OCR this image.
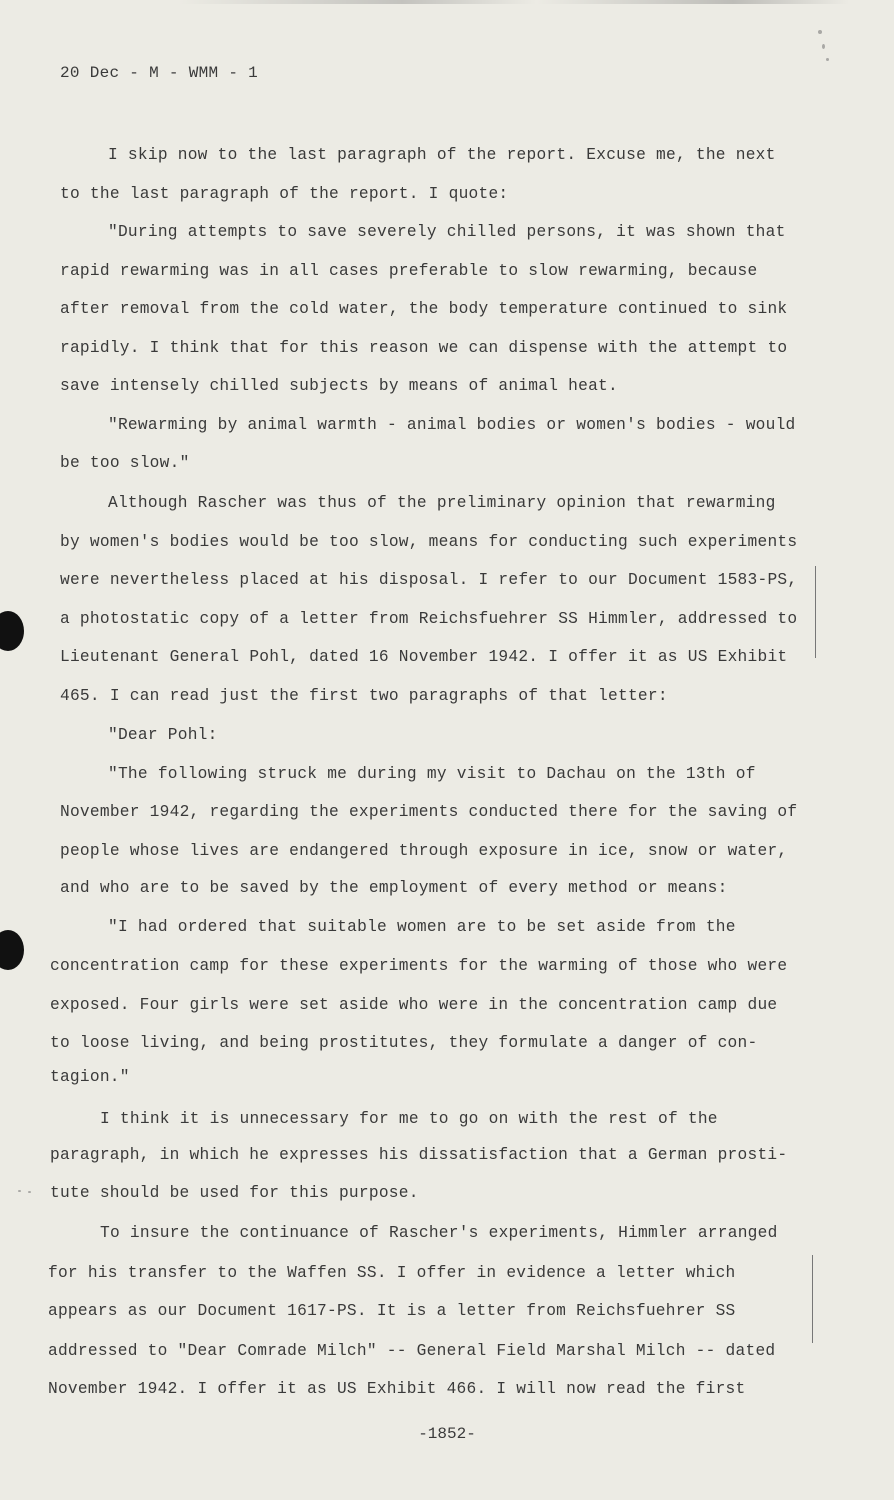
20 Dec - M - WMM - 1
I skip now to the last paragraph of the report. Excuse me, the next
to the last paragraph of the report. I quote:
"During attempts to save severely chilled persons, it was shown that
rapid rewarming was in all cases preferable to slow rewarming, because
after removal from the cold water, the body temperature continued to sink
rapidly. I think that for this reason we can dispense with the attempt to
save intensely chilled subjects by means of animal heat.
"Rewarming by animal warmth - animal bodies or women's bodies - would
be too slow."
Although Rascher was thus of the preliminary opinion that rewarming
by women's bodies would be too slow, means for conducting such experiments
were nevertheless placed at his disposal. I refer to our Document 1583-PS,
a photostatic copy of a letter from Reichsfuehrer SS Himmler, addressed to
Lieutenant General Pohl, dated 16 November 1942. I offer it as US Exhibit
465. I can read just the first two paragraphs of that letter:
"Dear Pohl:
"The following struck me during my visit to Dachau on the 13th of
November 1942, regarding the experiments conducted there for the saving of
people whose lives are endangered through exposure in ice, snow or water,
and who are to be saved by the employment of every method or means:
"I had ordered that suitable women are to be set aside from the
concentration camp for these experiments for the warming of those who were
exposed. Four girls were set aside who were in the concentration camp due
to loose living, and being prostitutes, they formulate a danger of con-
tagion."
I think it is unnecessary for me to go on with the rest of the
paragraph, in which he expresses his dissatisfaction that a German prosti-
tute should be used for this purpose.
To insure the continuance of Rascher's experiments, Himmler arranged
for his transfer to the Waffen SS. I offer in evidence a letter which
appears as our Document 1617-PS. It is a letter from Reichsfuehrer SS
addressed to "Dear Comrade Milch" -- General Field Marshal Milch -- dated
November 1942. I offer it as US Exhibit 466. I will now read the first
-1852-
